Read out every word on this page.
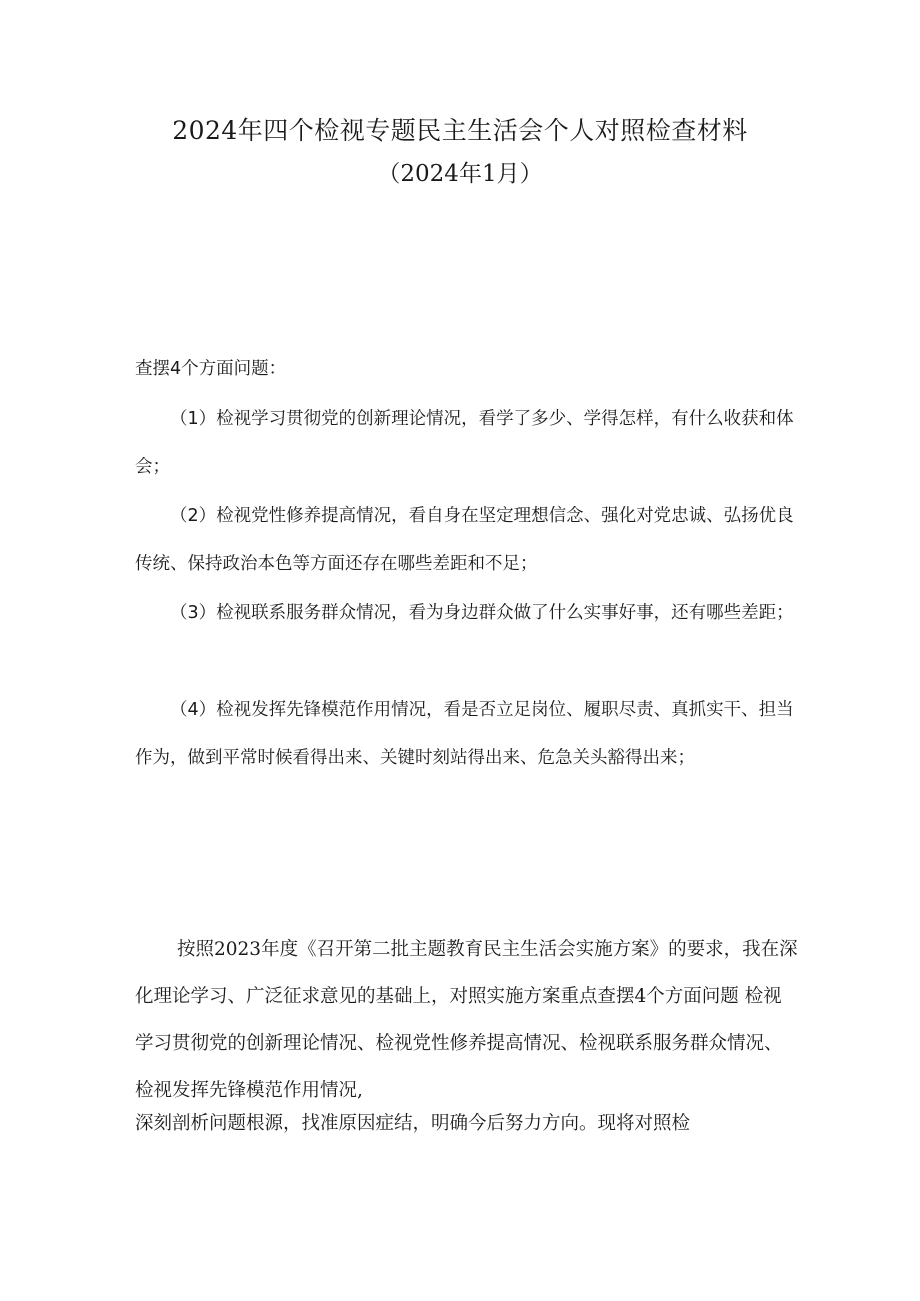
2024年四个检视专题民主生活会个人对照检查材料
（2024年1月）
查摆4个方面问题：
（1）检视学习贯彻党的创新理论情况，看学了多少、学得怎样，有什么收获和体会；
（2）检视党性修养提高情况，看自身在坚定理想信念、强化对党忠诚、弘扬优良传统、保持政治本色等方面还存在哪些差距和不足；
（3）检视联系服务群众情况，看为身边群众做了什么实事好事，还有哪些差距；
（4）检视发挥先锋模范作用情况，看是否立足岗位、履职尽责、真抓实干、担当作为，做到平常时候看得出来、关键时刻站得出来、危急关头豁得出来；
按照2023年度《召开第二批主题教育民主生活会实施方案》的要求，我在深化理论学习、广泛征求意见的基础上，对照实施方案重点查摆4个方面问题 检视学习贯彻党的创新理论情况、检视党性修养提高情况、检视联系服务群众情况、检视发挥先锋模范作用情况,
深刻剖析问题根源，找准原因症结，明确今后努力方向。现将对照检
